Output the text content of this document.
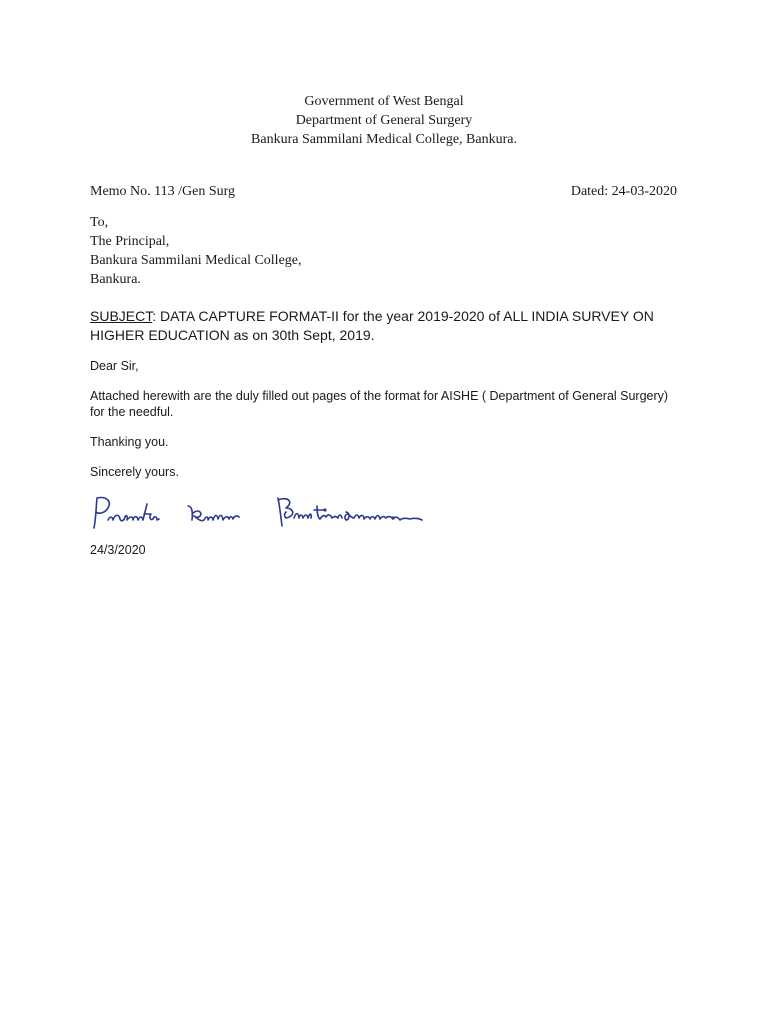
Government of West Bengal
Department of General Surgery
Bankura Sammilani Medical College, Bankura.
Memo No. 113 /Gen Surg	Dated: 24-03-2020
To,
The Principal,
Bankura Sammilani Medical College,
Bankura.
SUBJECT: DATA CAPTURE FORMAT-II for the year 2019-2020 of ALL INDIA SURVEY ON HIGHER EDUCATION as on 30th Sept, 2019.
Dear Sir,
Attached herewith are the duly filled out pages of the format for AISHE ( Department of General Surgery) for the needful.
Thanking you.
Sincerely yours.
24/3/2020
